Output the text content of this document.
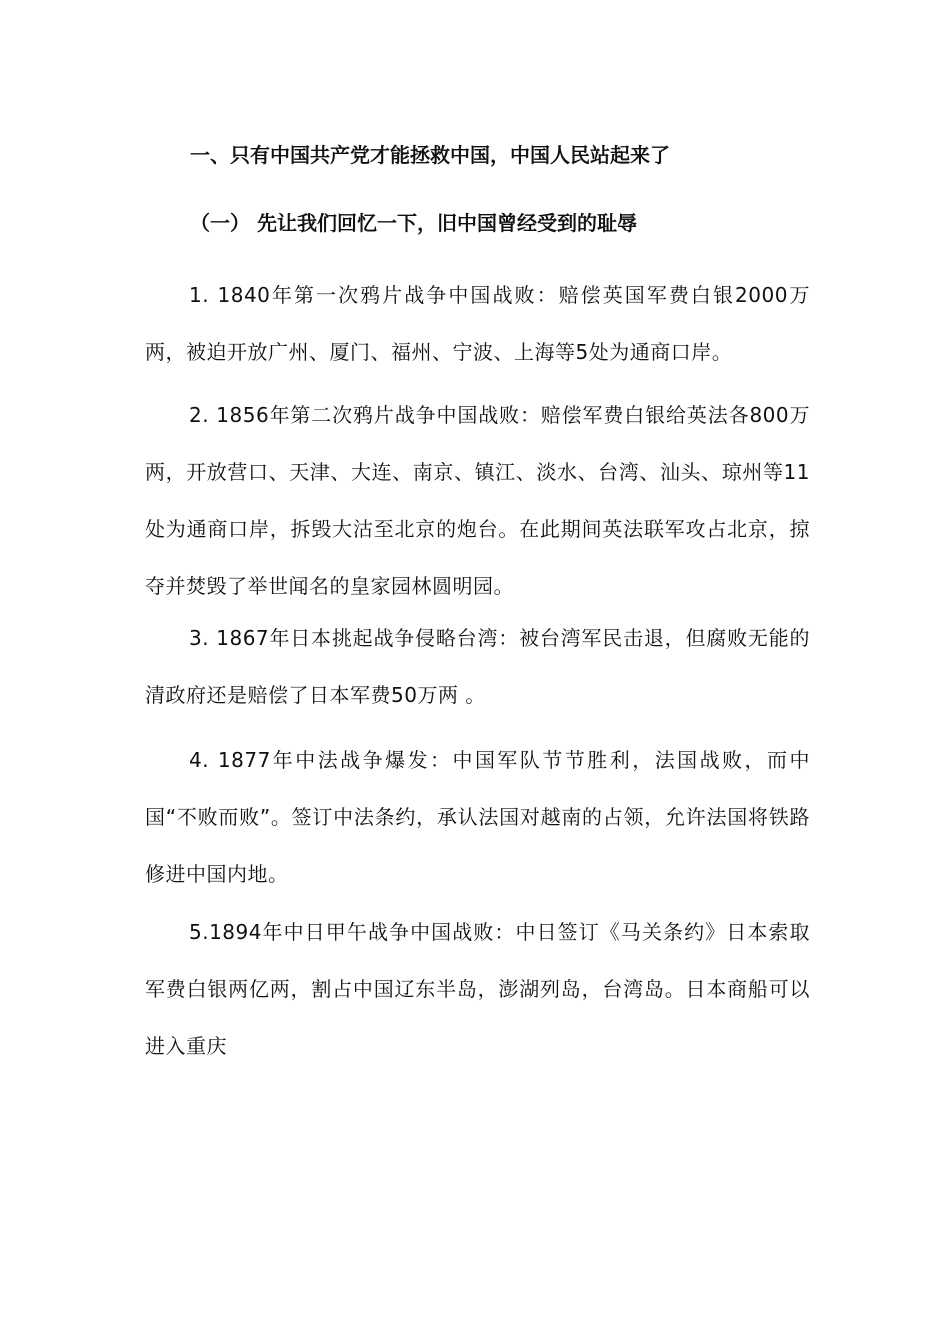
一、只有中国共产党才能拯救中国，中国人民站起来了
（一） 先让我们回忆一下，旧中国曾经受到的耻辱

1. 1840年第一次鸦片战争中国战败：赔偿英国军费白银2000万两，被迫开放广州、厦门、福州、宁波、上海等5处为通商口岸。

2. 1856年第二次鸦片战争中国战败：赔偿军费白银给英法各800万两，开放营口、天津、大连、南京、镇江、淡水、台湾、汕头、琼州等11处为通商口岸，拆毁大沽至北京的炮台。在此期间英法联军攻占北京，掠夺并焚毁了举世闻名的皇家园林圆明园。

3. 1867年日本挑起战争侵略台湾：被台湾军民击退，但腐败无能的清政府还是赔偿了日本军费50万两 。

4. 1877年中法战争爆发：中国军队节节胜利，法国战败，而中国“不败而败”。签订中法条约，承认法国对越南的占领，允许法国将铁路修进中国内地。

5.1894年中日甲午战争中国战败：中日签订《马关条约》日本索取军费白银两亿两，割占中国辽东半岛，澎湖列岛，台湾岛。日本商船可以进入重庆
